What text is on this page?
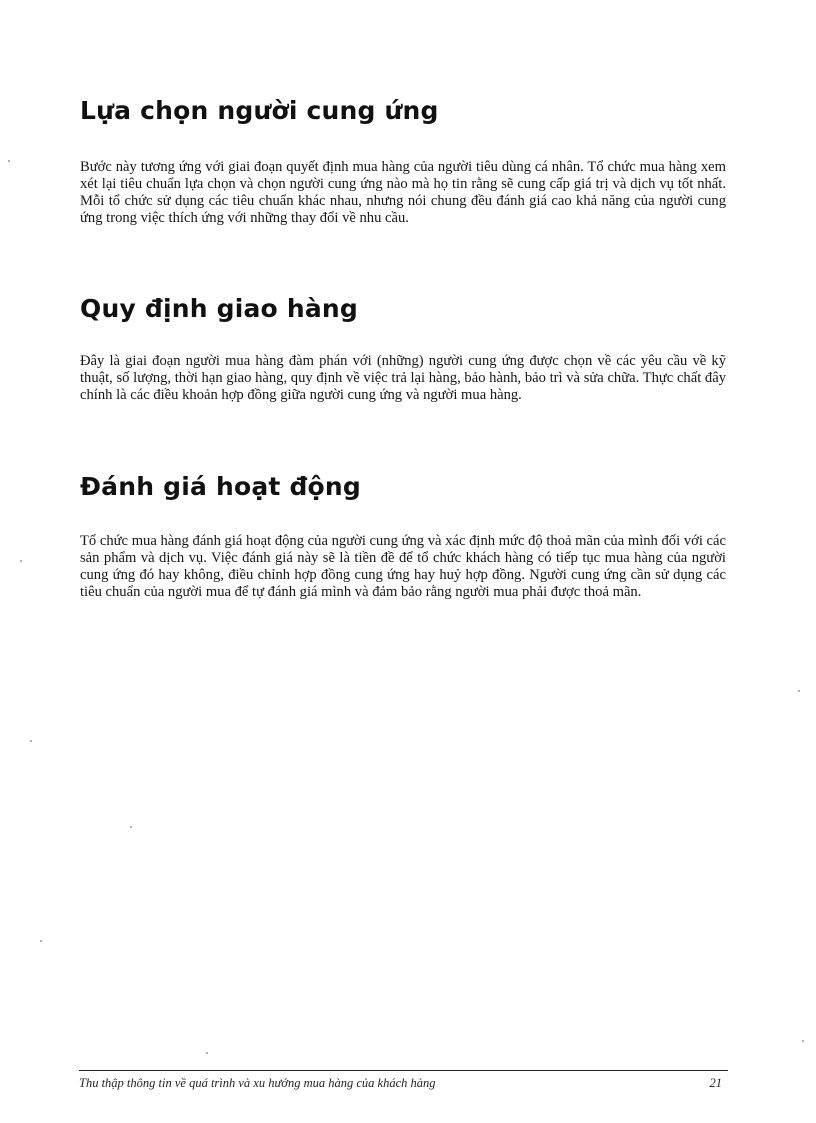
Lựa chọn người cung ứng

Bước này tương ứng với giai đoạn quyết định mua hàng của người tiêu dùng cá nhân. Tổ chức mua hàng xem xét lại tiêu chuẩn lựa chọn và chọn người cung ứng nào mà họ tin rằng sẽ cung cấp giá trị và dịch vụ tốt nhất. Mỗi tổ chức sử dụng các tiêu chuẩn khác nhau, nhưng nói chung đều đánh giá cao khả năng của người cung ứng trong việc thích ứng với những thay đổi về nhu cầu.

Quy định giao hàng

Đây là giai đoạn người mua hàng đàm phán với (những) người cung ứng được chọn về các yêu cầu về kỹ thuật, số lượng, thời hạn giao hàng, quy định về việc trả lại hàng, bảo hành, bảo trì và sửa chữa. Thực chất đây chính là các điều khoản hợp đồng giữa người cung ứng và người mua hàng.

Đánh giá hoạt động

Tổ chức mua hàng đánh giá hoạt động của người cung ứng và xác định mức độ thoả mãn của mình đối với các sản phẩm và dịch vụ. Việc đánh giá này sẽ là tiền đề để tổ chức khách hàng có tiếp tục mua hàng của người cung ứng đó hay không, điều chỉnh hợp đồng cung ứng hay huỷ hợp đồng. Người cung ứng cần sử dụng các tiêu chuẩn của người mua để tự đánh giá mình và đảm bảo rằng người mua phải được thoả mãn.

Thu thập thông tin về quá trình và xu hướng mua hàng của khách hàng	21
